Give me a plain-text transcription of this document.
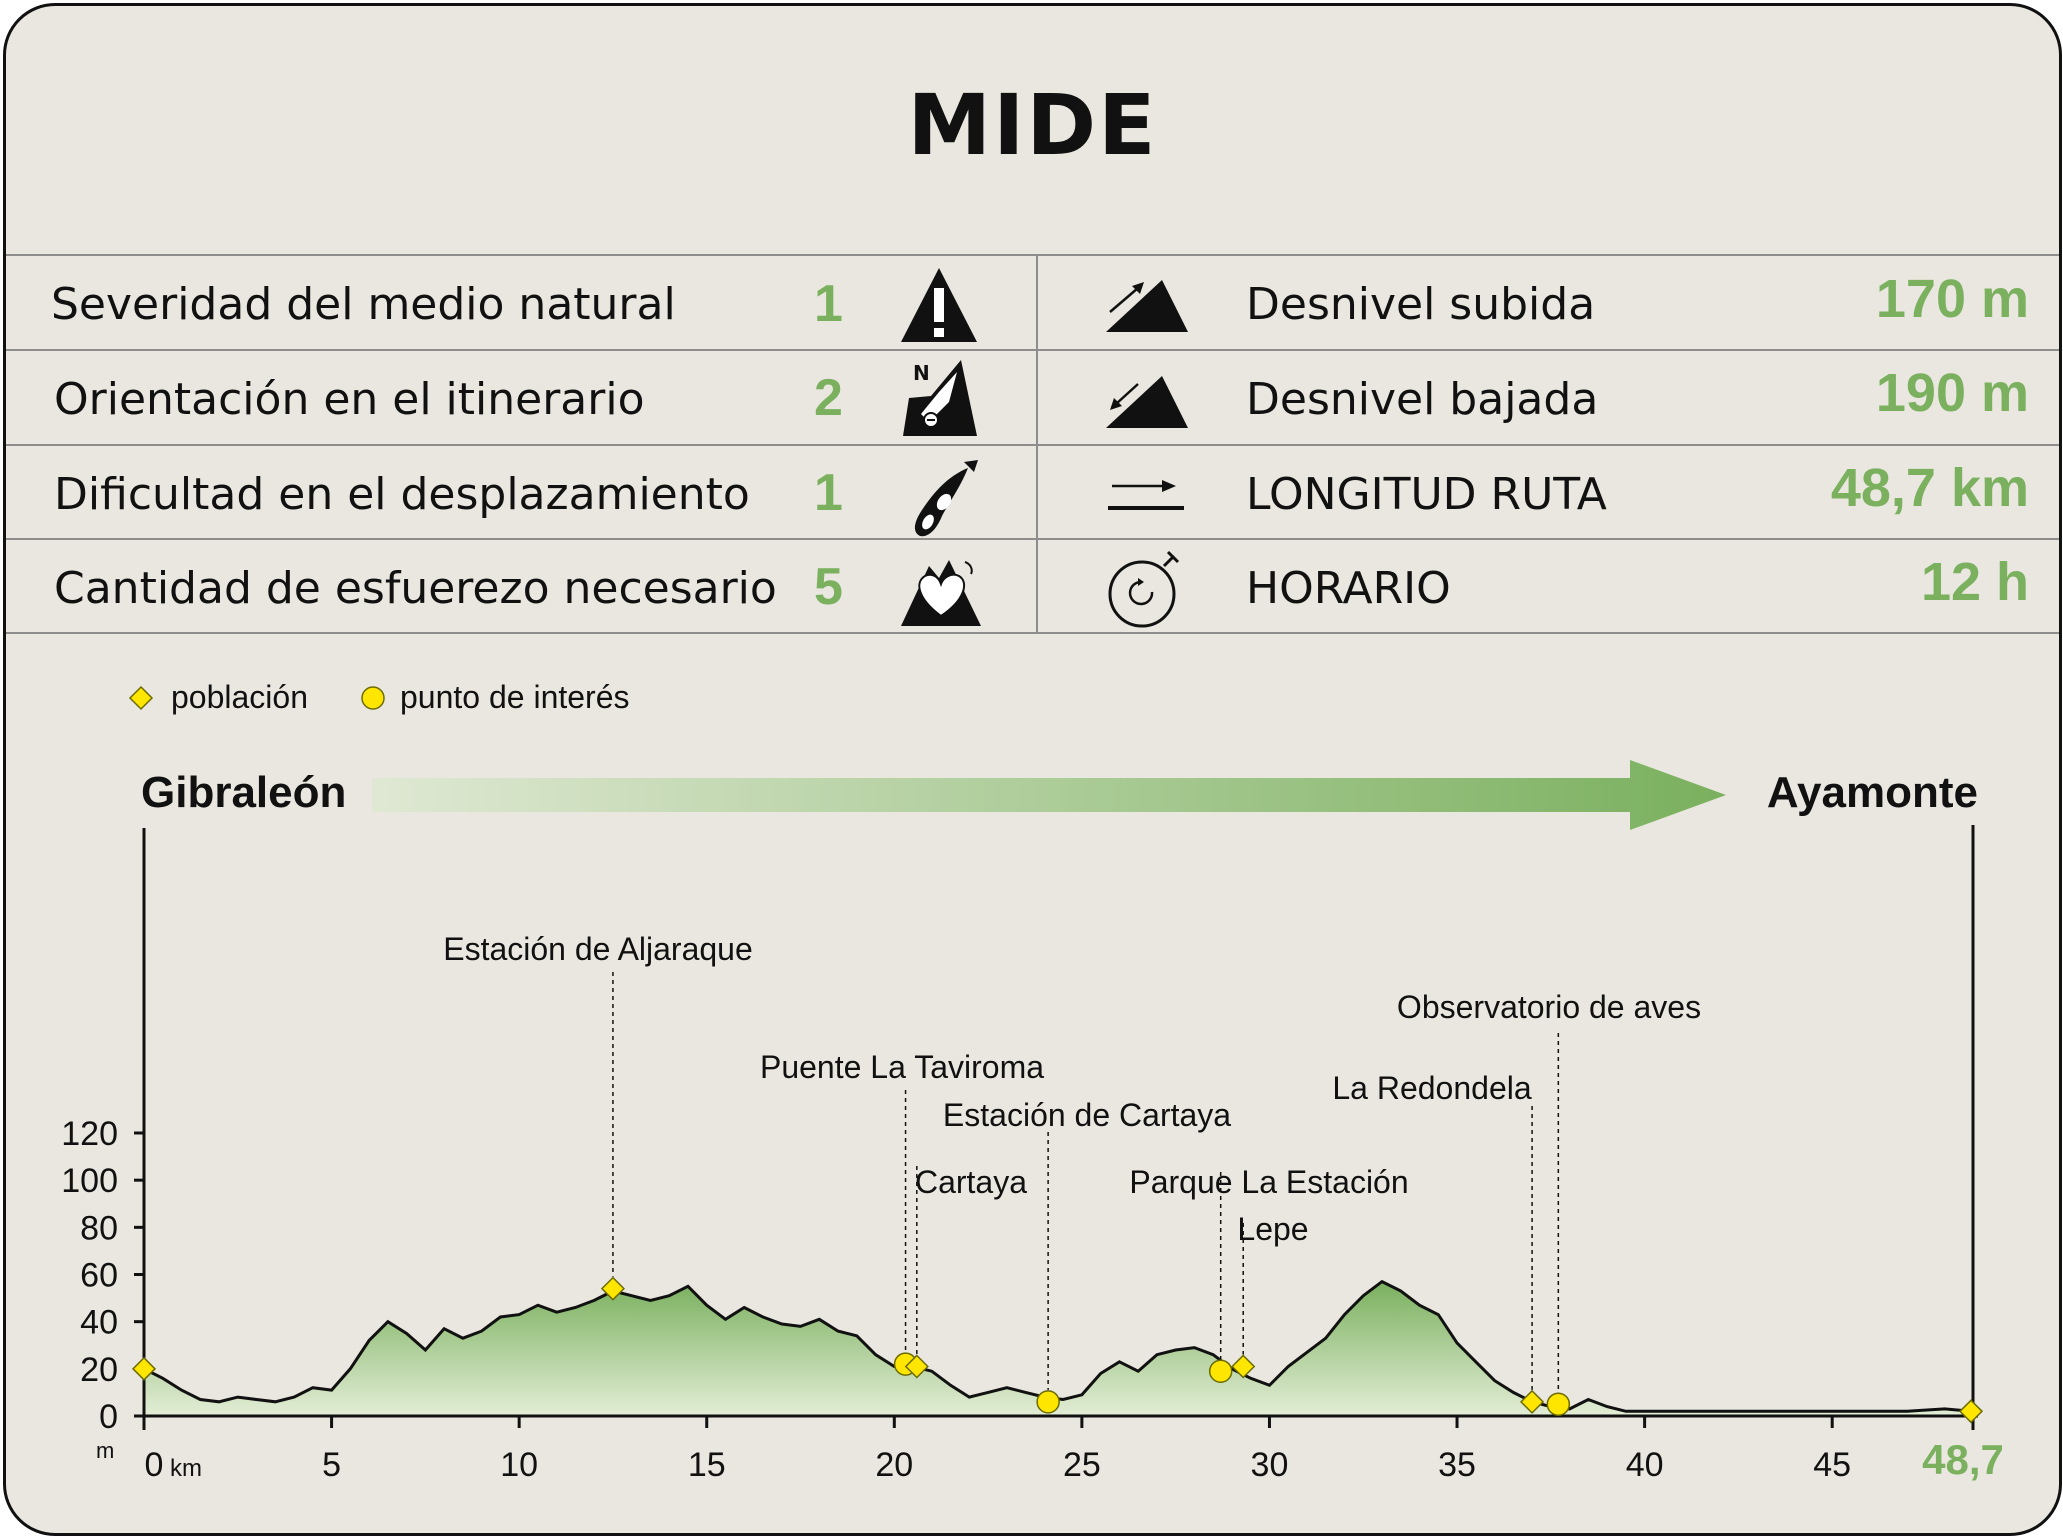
MIDE
Severidad del medio natural	1
Orientación en el itinerario	2
Dificultad en el desplazamiento 1
Cantidad de esfuerezo necesario 5
N
Desnivel subida	170 m
Desnivel bajada	190 m
LONGITUD RUTA	48,7 km
HORARIO	12 h
población	punto de interés
Gibraleón	Ayamonte
0
20
40
60
80
100
120
m 0	5	10	15	20	25	30	35	40	45
km	48,7
Estación de Aljaraque
Puente La Taviroma
Cartaya
Estación de Cartaya
Parque La Estación
Lepe
La Redondela
Observatorio de aves
